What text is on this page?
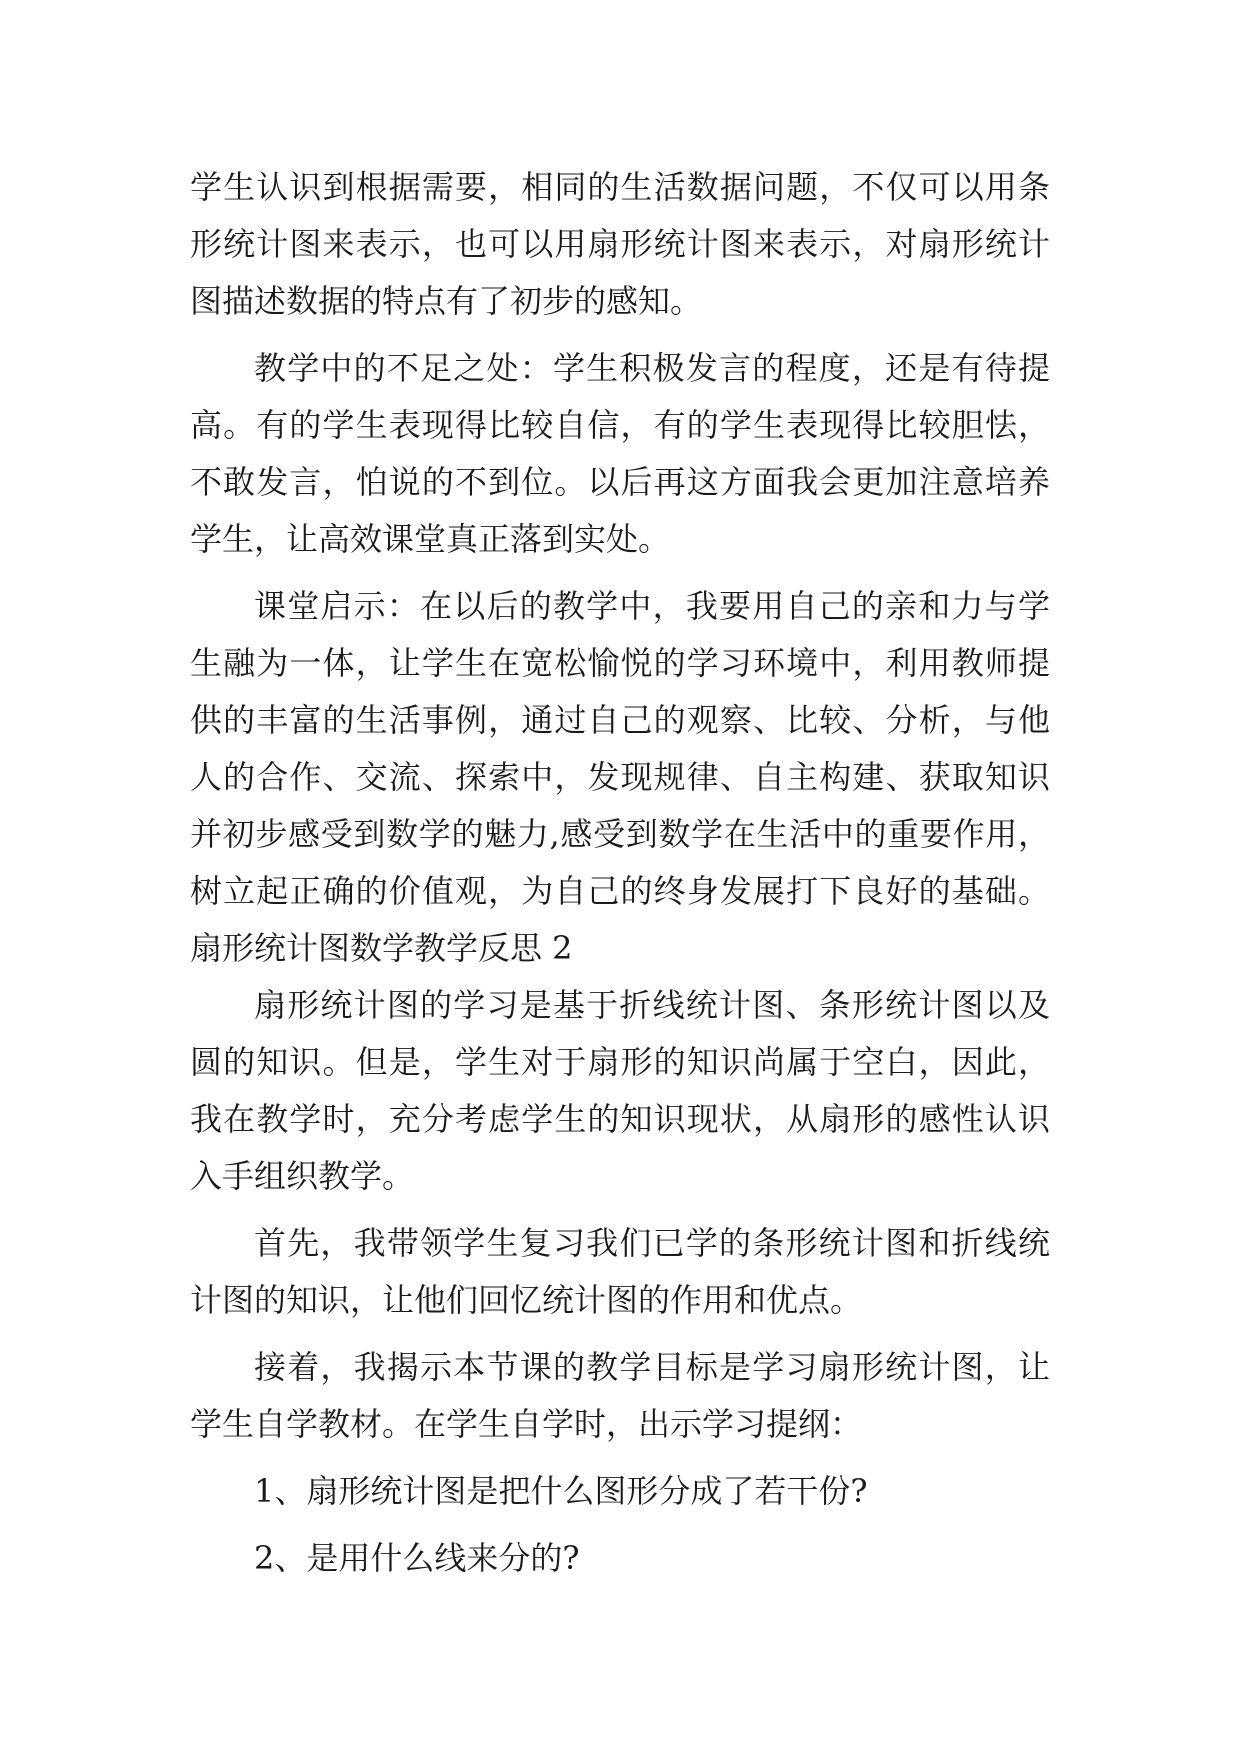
学生认识到根据需要，相同的生活数据问题，不仅可以用条

形统计图来表示，也可以用扇形统计图来表示，对扇形统计

图描述数据的特点有了初步的感知。

教学中的不足之处：学生积极发言的程度，还是有待提

高。有的学生表现得比较自信，有的学生表现得比较胆怯，

不敢发言，怕说的不到位。以后再这方面我会更加注意培养

学生，让高效课堂真正落到实处。

课堂启示：在以后的教学中，我要用自己的亲和力与学

生融为一体，让学生在宽松愉悦的学习环境中，利用教师提

供的丰富的生活事例，通过自己的观察、比较、分析，与他

人的合作、交流、探索中，发现规律、自主构建、获取知识

并初步感受到数学的魅力,感受到数学在生活中的重要作用，

树立起正确的价值观，为自己的终身发展打下良好的基础。

扇形统计图数学教学反思 2

扇形统计图的学习是基于折线统计图、条形统计图以及

圆的知识。但是，学生对于扇形的知识尚属于空白，因此，

我在教学时，充分考虑学生的知识现状，从扇形的感性认识

入手组织教学。

首先，我带领学生复习我们已学的条形统计图和折线统

计图的知识，让他们回忆统计图的作用和优点。

接着，我揭示本节课的教学目标是学习扇形统计图，让

学生自学教材。在学生自学时，出示学习提纲：

1、扇形统计图是把什么图形分成了若干份?

2、是用什么线来分的?
